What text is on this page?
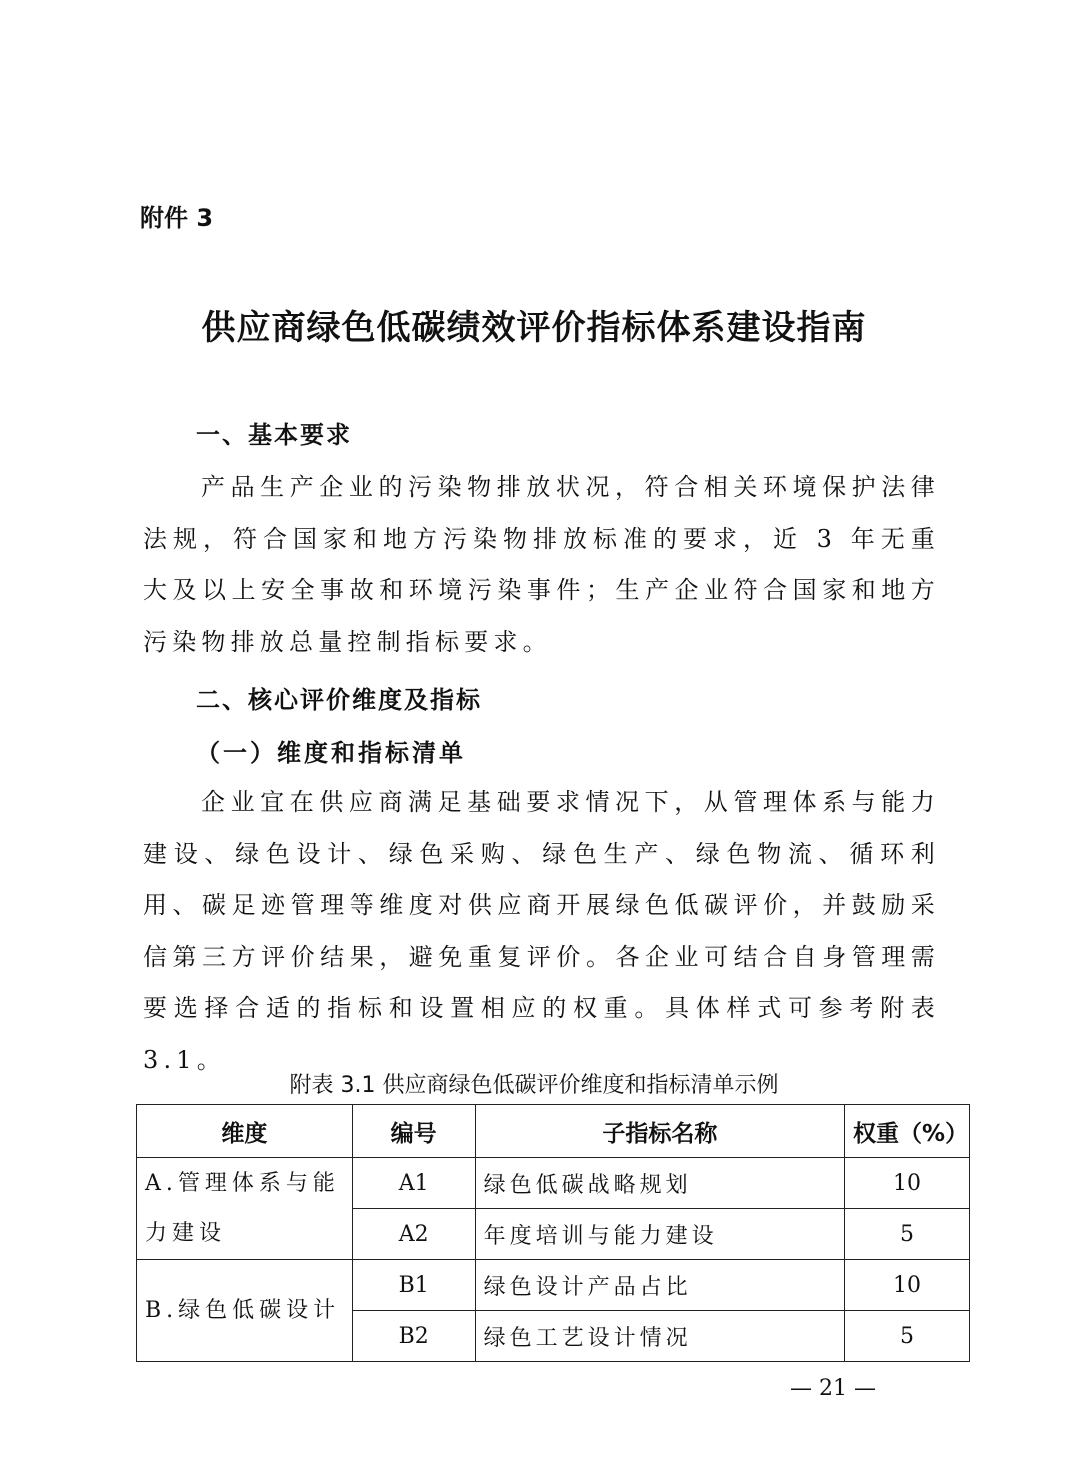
附件 3
供应商绿色低碳绩效评价指标体系建设指南
一、基本要求
产品生产企业的污染物排放状况，符合相关环境保护法律法规，符合国家和地方污染物排放标准的要求，近 3 年无重大及以上安全事故和环境污染事件；生产企业符合国家和地方污染物排放总量控制指标要求。
二、核心评价维度及指标
（一）维度和指标清单
企业宜在供应商满足基础要求情况下，从管理体系与能力建设、绿色设计、绿色采购、绿色生产、绿色物流、循环利用、碳足迹管理等维度对供应商开展绿色低碳评价，并鼓励采信第三方评价结果，避免重复评价。各企业可结合自身管理需要选择合适的指标和设置相应的权重。具体样式可参考附表 3.1。
附表 3.1 供应商绿色低碳评价维度和指标清单示例
维度	编号	子指标名称	权重（%）
A.管理体系与能力建设	A1	绿色低碳战略规划	10
	A2	年度培训与能力建设	5
B.绿色低碳设计	B1	绿色设计产品占比	10
	B2	绿色工艺设计情况	5
— 21 —
